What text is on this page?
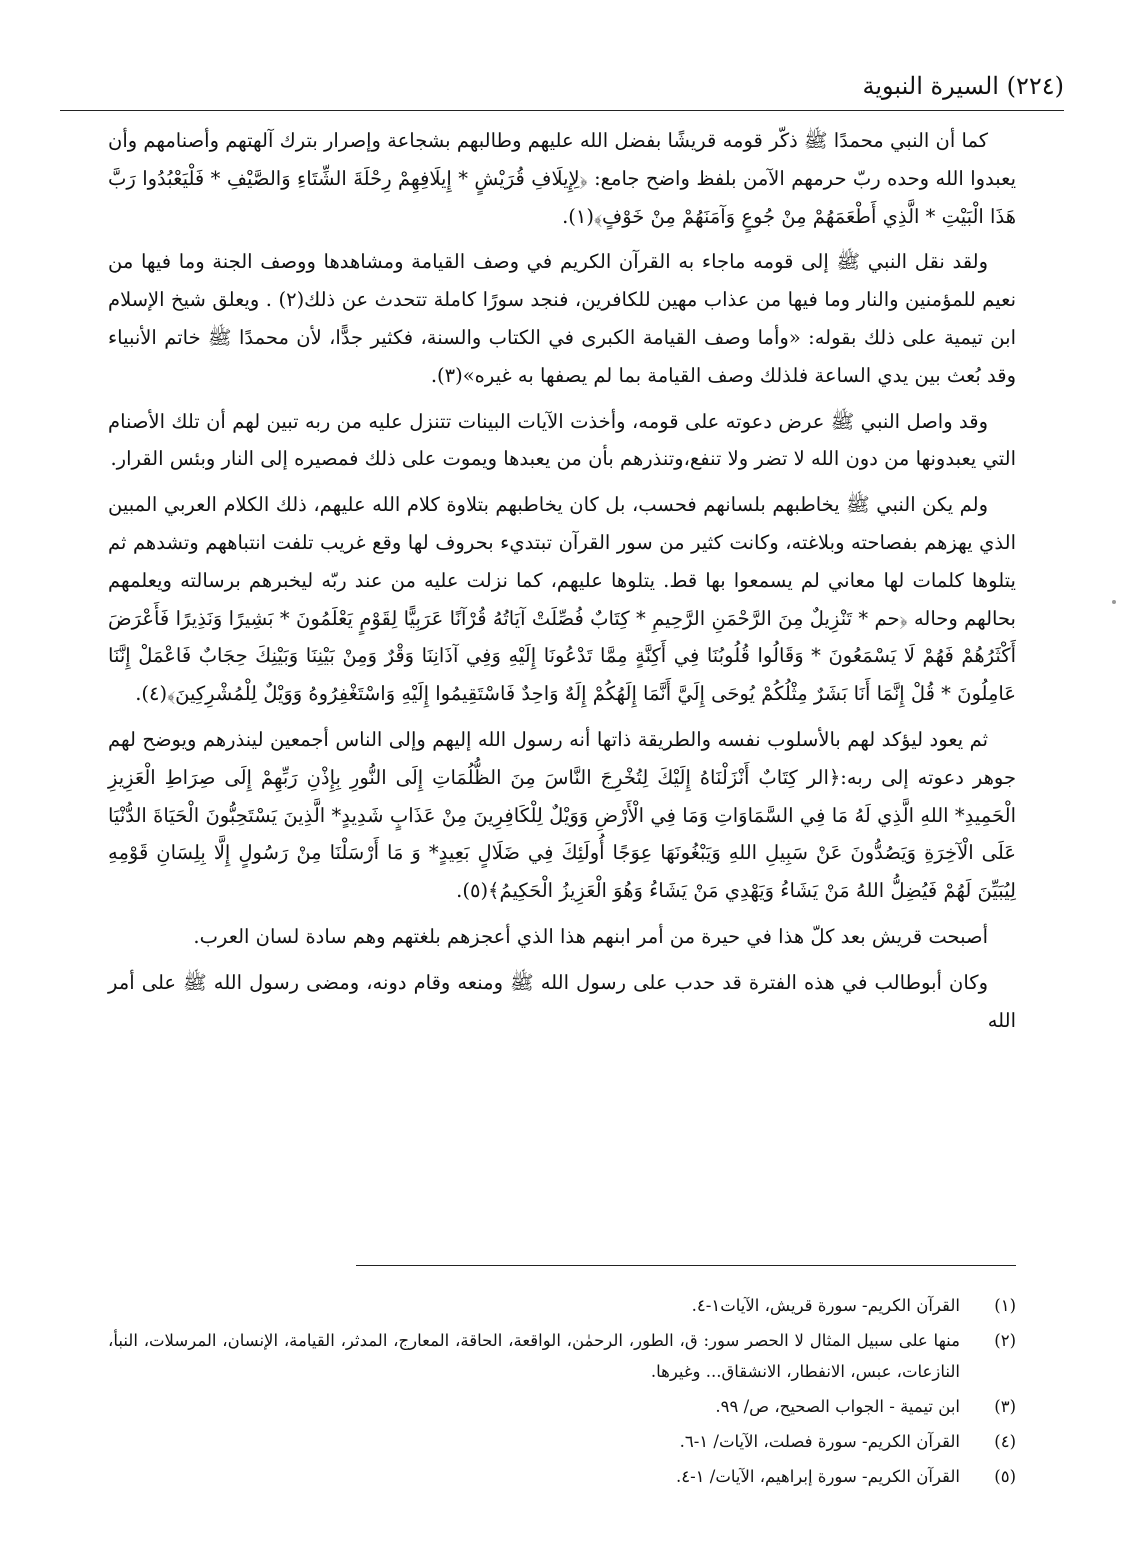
(٢٢٤) السيرة النبوية

كما أن النبي محمدًا ﷺ ذكّر قومه قريشًا بفضل الله عليهم وطالبهم بشجاعة وإصرار بترك آلهتهم وأصنامهم وأن يعبدوا الله وحده ربّ حرمهم الآمن بلفظ واضح جامع: ﴿لِإِيلَافِ قُرَيْشٍ * إِيلَافِهِمْ رِحْلَةَ الشِّتَاءِ وَالصَّيْفِ * فَلْيَعْبُدُوا رَبَّ هَذَا الْبَيْتِ * الَّذِي أَطْعَمَهُمْ مِنْ جُوعٍ وَآمَنَهُمْ مِنْ خَوْفٍ﴾(١).

ولقد نقل النبي ﷺ إلى قومه ماجاء به القرآن الكريم في وصف القيامة ومشاهدها ووصف الجنة وما فيها من نعيم للمؤمنين والنار وما فيها من عذاب مهين للكافرين، فنجد سورًا كاملة تتحدث عن ذلك(٢) . ويعلق شيخ الإسلام ابن تيمية على ذلك بقوله: «وأما وصف القيامة الكبرى في الكتاب والسنة، فكثير جدًّا، لأن محمدًا ﷺ خاتم الأنبياء وقد بُعث بين يدي الساعة فلذلك وصف القيامة بما لم يصفها به غيره»(٣).

وقد واصل النبي ﷺ عرض دعوته على قومه، وأخذت الآيات البينات تتنزل عليه من ربه تبين لهم أن تلك الأصنام التي يعبدونها من دون الله لا تضر ولا تنفع،وتنذرهم بأن من يعبدها ويموت على ذلك فمصيره إلى النار وبئس القرار.

ولم يكن النبي ﷺ يخاطبهم بلسانهم فحسب، بل كان يخاطبهم بتلاوة كلام الله عليهم، ذلك الكلام العربي المبين الذي يهزهم بفصاحته وبلاغته، وكانت كثير من سور القرآن تبتديء بحروف لها وقع غريب تلفت انتباههم وتشدهم ثم يتلوها كلمات لها معاني لم يسمعوا بها قط. يتلوها عليهم، كما نزلت عليه من عند ربّه ليخبرهم برسالته ويعلمهم بحالهم وحاله ﴿حم * تَنْزِيلٌ مِنَ الرَّحْمَنِ الرَّحِيمِ * كِتَابٌ فُصِّلَتْ آيَاتُهُ قُرْآنًا عَرَبِيًّا لِقَوْمٍ يَعْلَمُونَ * بَشِيرًا وَنَذِيرًا فَأَعْرَضَ أَكْثَرُهُمْ فَهُمْ لَا يَسْمَعُونَ * وَقَالُوا قُلُوبُنَا فِي أَكِنَّةٍ مِمَّا تَدْعُونَا إِلَيْهِ وَفِي آذَانِنَا وَقْرٌ وَمِنْ بَيْنِنَا وَبَيْنِكَ حِجَابٌ فَاعْمَلْ إِنَّنَا عَامِلُونَ * قُلْ إِنَّمَا أَنَا بَشَرٌ مِثْلُكُمْ يُوحَى إِلَيَّ أَنَّمَا إِلَهُكُمْ إِلَهٌ وَاحِدٌ فَاسْتَقِيمُوا إِلَيْهِ وَاسْتَغْفِرُوهُ وَوَيْلٌ لِلْمُشْرِكِينَ﴾(٤).

ثم يعود ليؤكد لهم بالأسلوب نفسه والطريقة ذاتها أنه رسول الله إليهم وإلى الناس أجمعين لينذرهم ويوضح لهم جوهر دعوته إلى ربه:﴿الر كِتَابٌ أَنْزَلْنَاهُ إِلَيْكَ لِتُخْرِجَ النَّاسَ مِنَ الظُّلُمَاتِ إِلَى النُّورِ بِإِذْنِ رَبِّهِمْ إِلَى صِرَاطِ الْعَزِيزِ الْحَمِيدِ* اللهِ الَّذِي لَهُ مَا فِي السَّمَاوَاتِ وَمَا فِي الْأَرْضِ وَوَيْلٌ لِلْكَافِرِينَ مِنْ عَذَابٍ شَدِيدٍ* الَّذِينَ يَسْتَحِبُّونَ الْحَيَاةَ الدُّنْيَا عَلَى الْآخِرَةِ وَيَصُدُّونَ عَنْ سَبِيلِ اللهِ وَيَبْغُونَهَا عِوَجًا أُولَئِكَ فِي ضَلَالٍ بَعِيدٍ* وَ مَا أَرْسَلْنَا مِنْ رَسُولٍ إِلَّا بِلِسَانِ قَوْمِهِ لِيُبَيِّنَ لَهُمْ فَيُضِلُّ اللهُ مَنْ يَشَاءُ وَيَهْدِي مَنْ يَشَاءُ وَهُوَ الْعَزِيزُ الْحَكِيمُ﴾(٥).

أصبحت قريش بعد كلّ هذا في حيرة من أمر ابنهم هذا الذي أعجزهم بلغتهم وهم سادة لسان العرب.

وكان أبوطالب في هذه الفترة قد حدب على رسول الله ﷺ ومنعه وقام دونه، ومضى رسول الله ﷺ على أمر الله

(١)
القرآن الكريم- سورة قريش، الآيات١-٤.
(٢)
منها على سبيل المثال لا الحصر سور: ق، الطور، الرحمٰن، الواقعة، الحاقة، المعارج، المدثر، القيامة، الإنسان، المرسلات، النبأ، النازعات، عبس، الانفطار، الانشقاق... وغيرها.
(٣)
ابن تيمية - الجواب الصحيح، ص/ ٩٩.
(٤)
القرآن الكريم- سورة فصلت، الآيات/ ١-٦.
(٥)
القرآن الكريم- سورة إبراهيم، الآيات/ ١-٤.
